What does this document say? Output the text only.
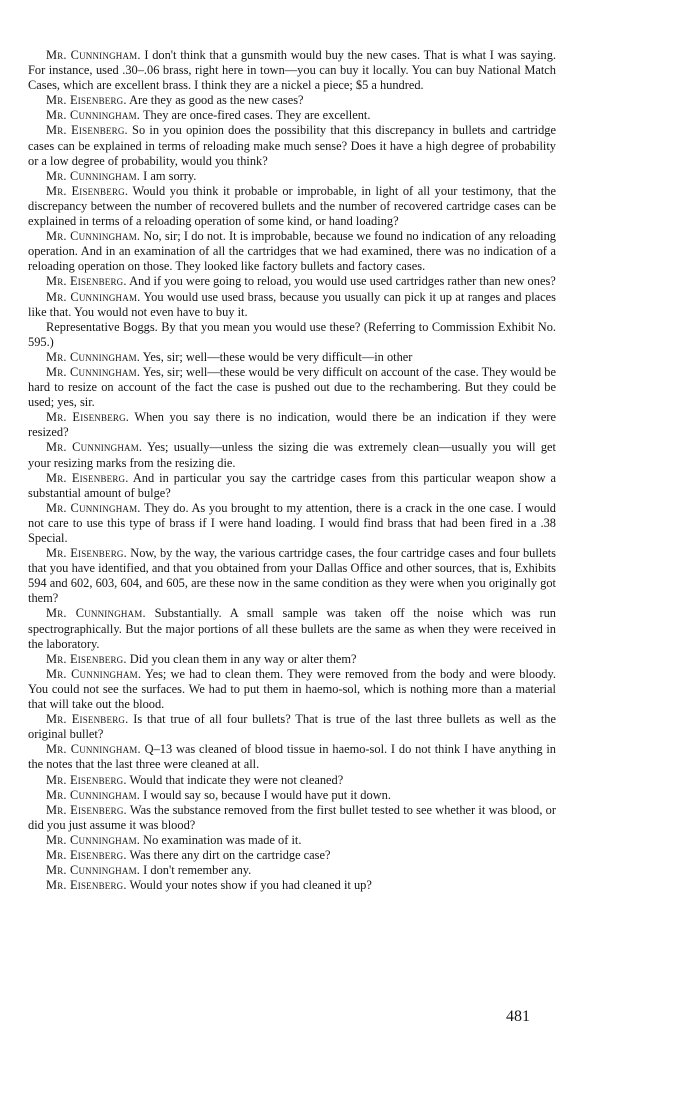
Mr. Cunningham. I don't think that a gunsmith would buy the new cases. That is what I was saying. For instance, used .30–.06 brass, right here in town—you can buy it locally. You can buy National Match Cases, which are excellent brass. I think they are a nickel a piece; $5 a hundred.

Mr. Eisenberg. Are they as good as the new cases?

Mr. Cunningham. They are once-fired cases. They are excellent.

Mr. Eisenberg. So in you opinion does the possibility that this discrepancy in bullets and cartridge cases can be explained in terms of reloading make much sense? Does it have a high degree of probability or a low degree of probability, would you think?

Mr. Cunningham. I am sorry.

Mr. Eisenberg. Would you think it probable or improbable, in light of all your testimony, that the discrepancy between the number of recovered bullets and the number of recovered cartridge cases can be explained in terms of a reloading operation of some kind, or hand loading?

Mr. Cunningham. No, sir; I do not. It is improbable, because we found no indication of any reloading operation. And in an examination of all the cartridges that we had examined, there was no indication of a reloading operation on those. They looked like factory bullets and factory cases.

Mr. Eisenberg. And if you were going to reload, you would use used cartridges rather than new ones?

Mr. Cunningham. You would use used brass, because you usually can pick it up at ranges and places like that. You would not even have to buy it.

Representative Boggs. By that you mean you would use these? (Referring to Commission Exhibit No. 595.)

Mr. Cunningham. Yes, sir; well—these would be very difficult—in other

Mr. Cunningham. Yes, sir; well—these would be very difficult on account of the case. They would be hard to resize on account of the fact the case is pushed out due to the rechambering. But they could be used; yes, sir.

Mr. Eisenberg. When you say there is no indication, would there be an indication if they were resized?

Mr. Cunningham. Yes; usually—unless the sizing die was extremely clean—usually you will get your resizing marks from the resizing die.

Mr. Eisenberg. And in particular you say the cartridge cases from this particular weapon show a substantial amount of bulge?

Mr. Cunningham. They do. As you brought to my attention, there is a crack in the one case. I would not care to use this type of brass if I were hand loading. I would find brass that had been fired in a .38 Special.

Mr. Eisenberg. Now, by the way, the various cartridge cases, the four cartridge cases and four bullets that you have identified, and that you obtained from your Dallas Office and other sources, that is, Exhibits 594 and 602, 603, 604, and 605, are these now in the same condition as they were when you originally got them?

Mr. Cunningham. Substantially. A small sample was taken off the noise which was run spectrographically. But the major portions of all these bullets are the same as when they were received in the laboratory.

Mr. Eisenberg. Did you clean them in any way or alter them?

Mr. Cunningham. Yes; we had to clean them. They were removed from the body and were bloody. You could not see the surfaces. We had to put them in haemo-sol, which is nothing more than a material that will take out the blood.

Mr. Eisenberg. Is that true of all four bullets? That is true of the last three bullets as well as the original bullet?

Mr. Cunningham. Q–13 was cleaned of blood tissue in haemo-sol. I do not think I have anything in the notes that the last three were cleaned at all.

Mr. Eisenberg. Would that indicate they were not cleaned?

Mr. Cunningham. I would say so, because I would have put it down.

Mr. Eisenberg. Was the substance removed from the first bullet tested to see whether it was blood, or did you just assume it was blood?

Mr. Cunningham. No examination was made of it.

Mr. Eisenberg. Was there any dirt on the cartridge case?

Mr. Cunningham. I don't remember any.

Mr. Eisenberg. Would your notes show if you had cleaned it up?

481
